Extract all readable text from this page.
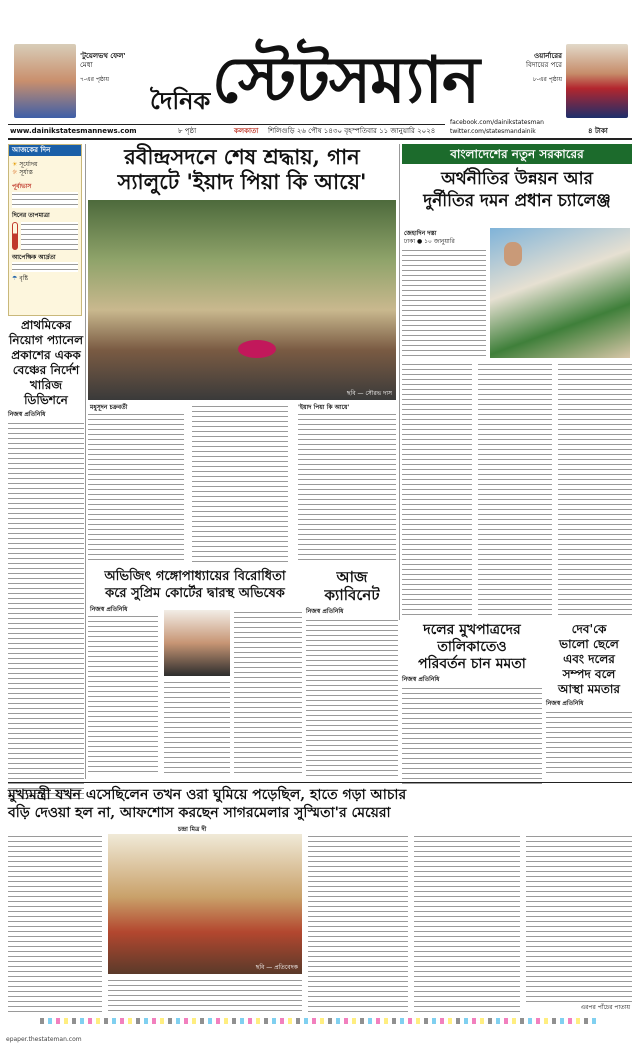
'টুয়েলভথ ফেল'
মেধা
৭-এর পৃষ্ঠায়
দৈনিক স্টেটসম্যান	ওয়ার্নারের
বিদায়ের পরে
৮-এর পৃষ্ঠায়
facebook.com/dainikstatesman
twitter.com/statesmandainik
www.dainikstatesmannews.com	৮ পৃষ্ঠা	কলকাতা শিলিগুড়ি ২৬ পৌষ ১৪৩০ বৃহস্পতিবার ১১ জানুয়ারি ২০২৪	৪ টাকা
আজকের দিন
☀ সূর্যোদয়
☼ সূর্যাস্ত
পূর্বাভাস
দিনের তাপমাত্রা
আপেক্ষিক আর্দ্রতা
☂ বৃষ্টি
প্রাথমিকের নিয়োগ প্যানেল প্রকাশের একক বেঞ্চের নির্দেশ খারিজ ডিভিশনে
নিজস্ব প্রতিনিধি
রবীন্দ্রসদনে শেষ শ্রদ্ধায়, গান
স্যালুটে 'ইয়াদ পিয়া কি আয়ে'
ছবি — সৌরভ দাস
মধুসূদন চক্রবর্তী	'ইয়াদ পিয়া কি আয়ে'
বাংলাদেশের নতুন সরকারের
অর্থনীতির উন্নয়ন আর
দুর্নীতির দমন প্রধান চ্যালেঞ্জ
জেহাদিন দস্তা
ঢাকা ● ১০ জানুয়ারি
অভিজিৎ গঙ্গোপাধ্যায়ের বিরোধিতা
করে সুপ্রিম কোর্টের দ্বারস্থ অভিষেক
নিজস্ব প্রতিনিধি
আজ
ক্যাবিনেট
নিজস্ব প্রতিনিধি
দলের মুখপাত্রদের
তালিকাতেও
পরিবর্তন চান মমতা
নিজস্ব প্রতিনিধি
দেব'কে
ভালো ছেলে
এবং দলের
সম্পদ বলে
আস্থা মমতার
নিজস্ব প্রতিনিধি
মুখ্যমন্ত্রী যখন এসেছিলেন তখন ওরা ঘুমিয়ে পড়েছিল, হাতে গড়া আচার
বড়ি দেওয়া হল না, আফশোস করছেন সাগরমেলার সুস্মিতা'র মেয়েরা
চন্দ্রা মিত্র দী
ছবি — প্রতিবেদক
এরপর পাঁচের পাতায়
epaper.thestateman.com
